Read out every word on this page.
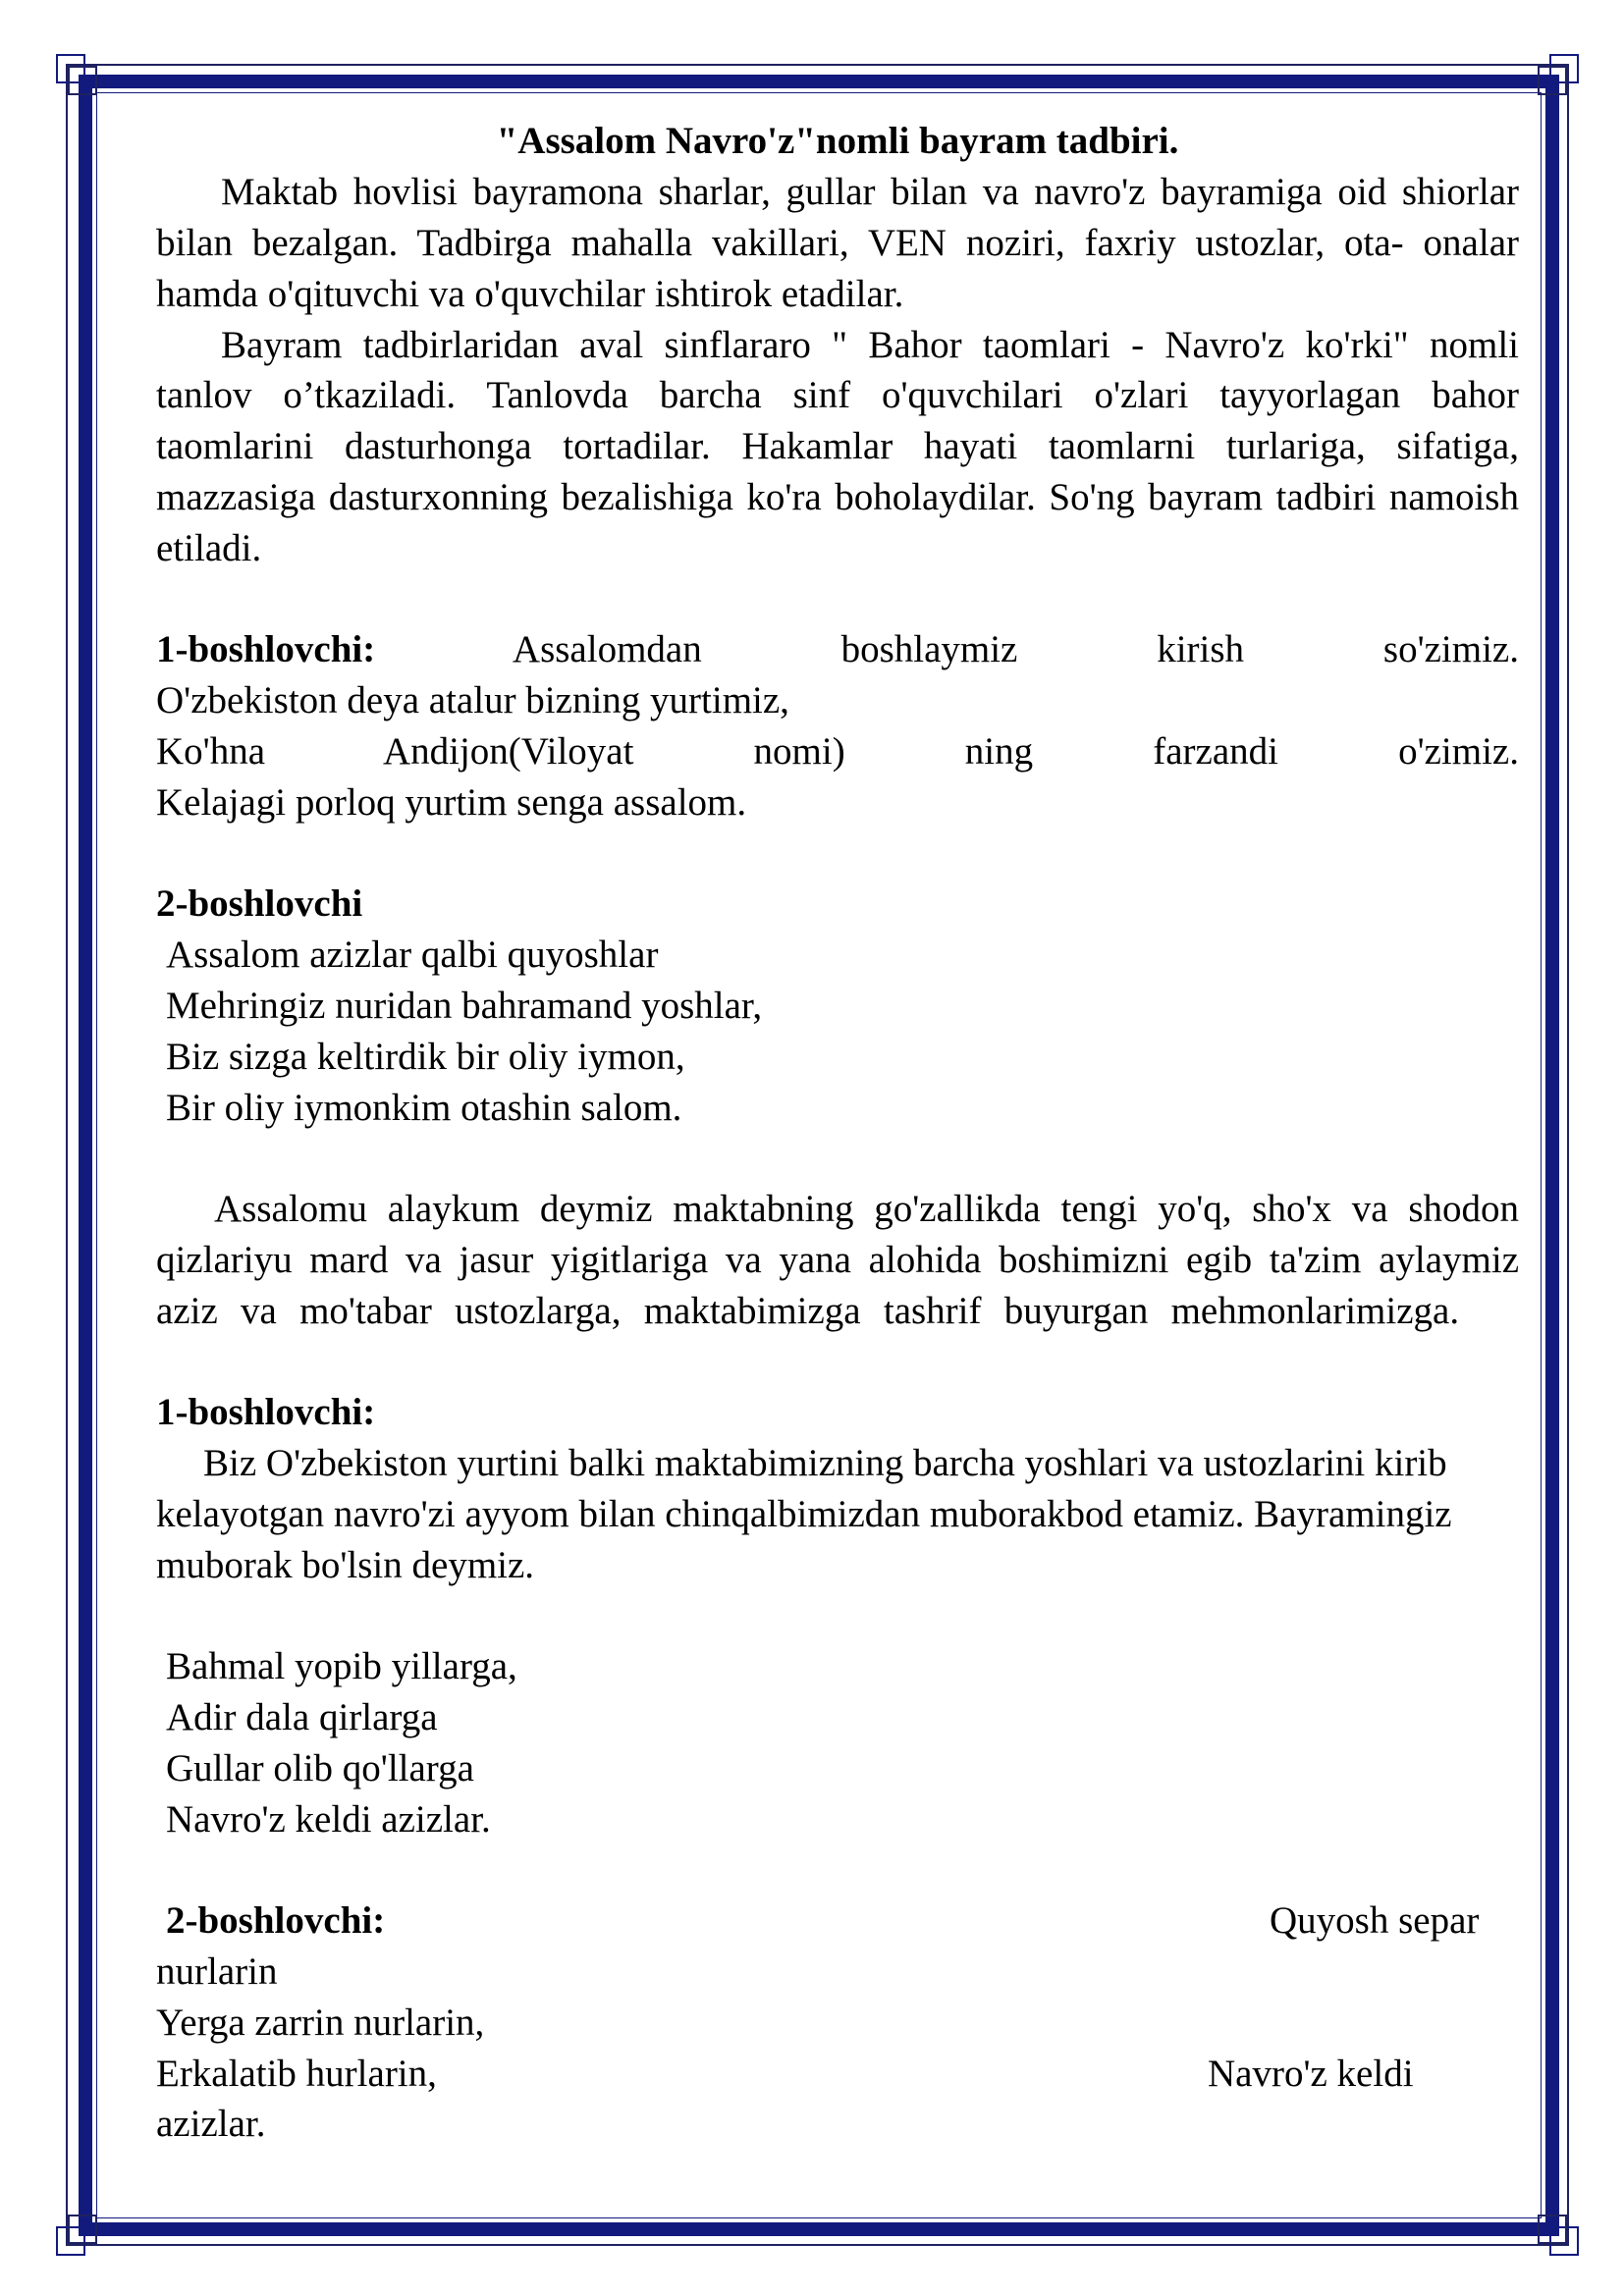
"Assalom Navro'z"nomli bayram tadbiri.
Maktab hovlisi bayramona sharlar, gullar bilan va navro'z bayramiga oid shiorlar
bilan bezalgan. Tadbirga mahalla vakillari, VEN noziri, faxriy ustozlar, ota- onalar
hamda o'qituvchi va o'quvchilar ishtirok etadilar.
Bayram tadbirlaridan aval sinflararo " Bahor taomlari - Navro'z ko'rki" nomli
tanlov o’tkaziladi. Tanlovda barcha sinf o'quvchilari o'zlari tayyorlagan bahor
taomlarini dasturhonga tortadilar. Hakamlar hayati taomlarni turlariga, sifatiga,
mazzasiga dasturxonning bezalishiga ko'ra boholaydilar. So'ng bayram tadbiri namoish
etiladi.
1-boshlovchi:	Assalomdan boshlaymiz kirish so'zimiz.
O'zbekiston deya atalur bizning yurtimiz,
Ko'hna Andijon(Viloyat nomi) ning farzandi o'zimiz.
Kelajagi porloq yurtim senga assalom.
2-boshlovchi
Assalom azizlar qalbi quyoshlar
Mehringiz nuridan bahramand yoshlar,
Biz sizga keltirdik bir oliy iymon,
Bir oliy iymonkim otashin salom.
Assalomu alaykum deymiz maktabning go'zallikda tengi yo'q, sho'x va shodon
qizlariyu mard va jasur yigitlariga va yana alohida boshimizni egib ta'zim aylaymiz
aziz va mo'tabar ustozlarga, maktabimizga tashrif buyurgan mehmonlarimizga.
1-boshlovchi:
Biz O'zbekiston yurtini balki maktabimizning barcha yoshlari va ustozlarini kirib
kelayotgan navro'zi ayyom bilan chinqalbimizdan muborakbod etamiz. Bayramingiz
muborak bo'lsin deymiz.
Bahmal yopib yillarga,
Adir dala qirlarga
Gullar olib qo'llarga
Navro'z keldi azizlar.
2-boshlovchi:	Quyosh separ
nurlarin
Yerga zarrin nurlarin,
Erkalatib hurlarin,	Navro'z keldi
azizlar.
